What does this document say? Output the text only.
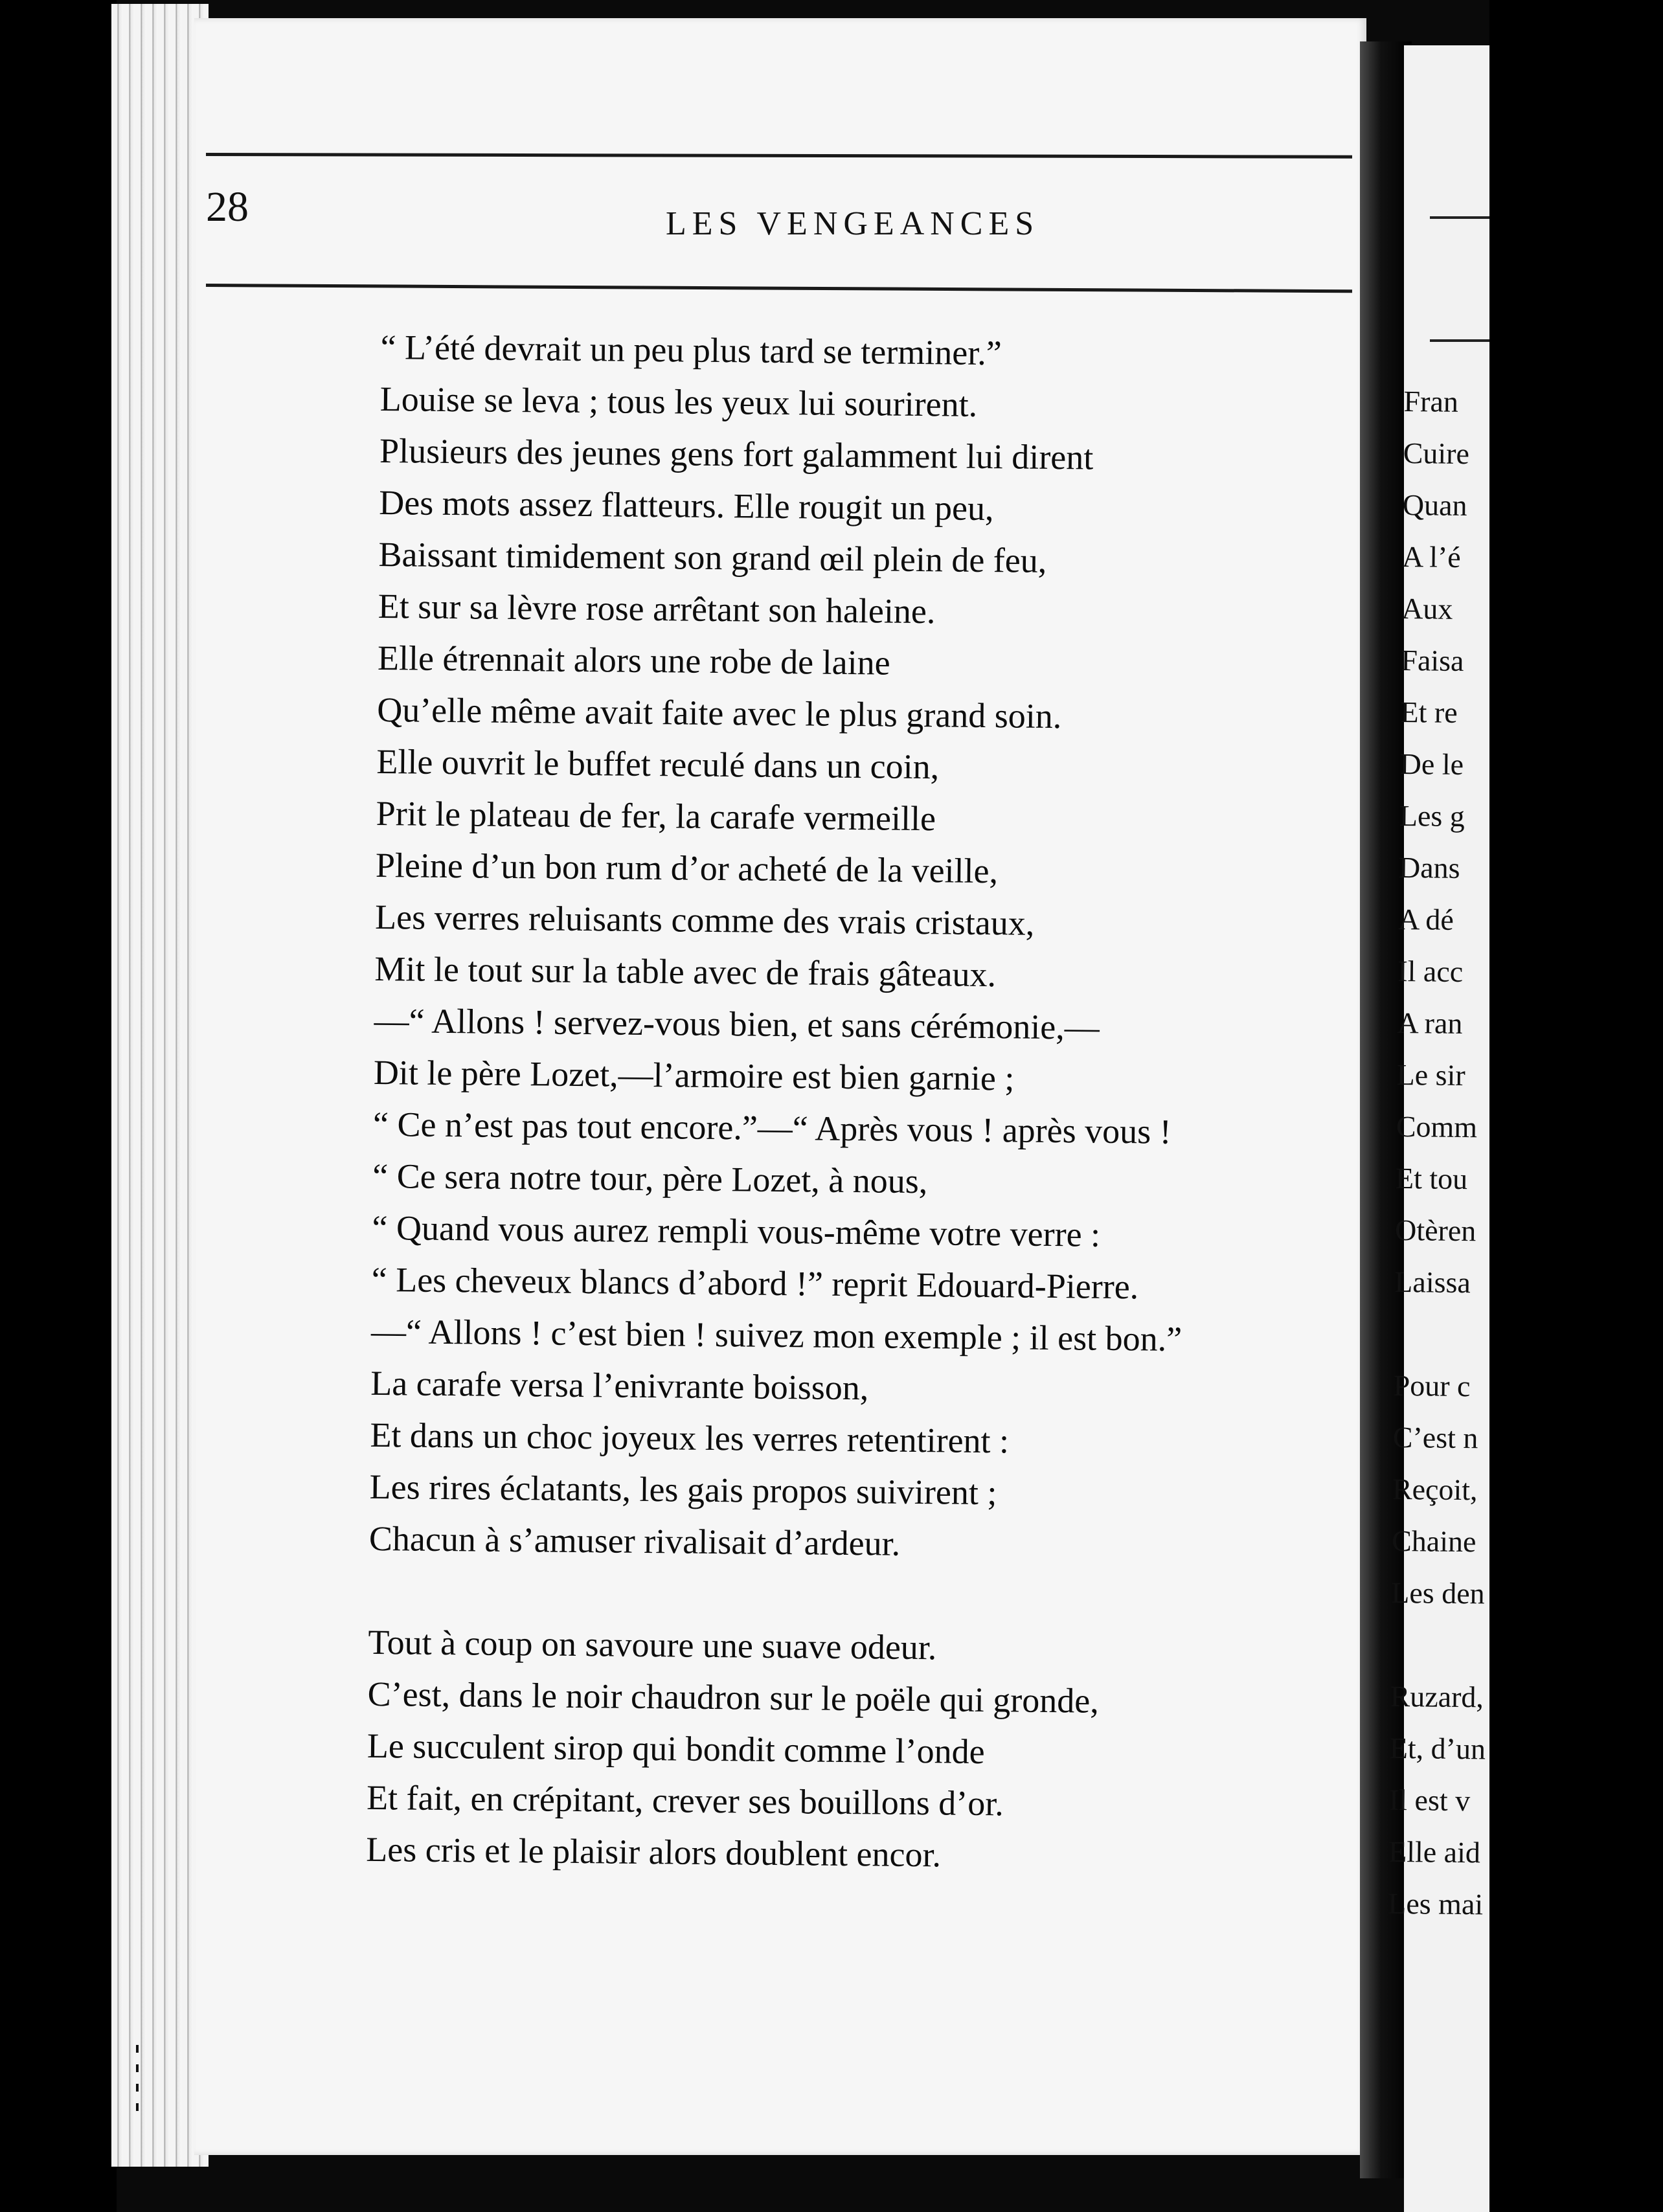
28	LES VENGEANCES
“ L’été devrait un peu plus tard se terminer.”
Louise se leva ; tous les yeux lui sourirent.
Plusieurs des jeunes gens fort galamment lui dirent
Des mots assez flatteurs. Elle rougit un peu,
Baissant timidement son grand œil plein de feu,
Et sur sa lèvre rose arrêtant son haleine.
Elle étrennait alors une robe de laine
Qu’elle même avait faite avec le plus grand soin.
Elle ouvrit le buffet reculé dans un coin,
Prit le plateau de fer, la carafe vermeille
Pleine d’un bon rum d’or acheté de la veille,
Les verres reluisants comme des vrais cristaux,
Mit le tout sur la table avec de frais gâteaux.
—“ Allons ! servez-vous bien, et sans cérémonie,—
Dit le père Lozet,—l’armoire est bien garnie ;
“ Ce n’est pas tout encore.”—“ Après vous ! après vous !
“ Ce sera notre tour, père Lozet, à nous,
“ Quand vous aurez rempli vous-même votre verre :
“ Les cheveux blancs d’abord !” reprit Edouard-Pierre.
—“ Allons ! c’est bien ! suivez mon exemple ; il est bon.”
La carafe versa l’enivrante boisson,
Et dans un choc joyeux les verres retentirent :
Les rires éclatants, les gais propos suivirent ;
Chacun à s’amuser rivalisait d’ardeur.
Tout à coup on savoure une suave odeur.
C’est, dans le noir chaudron sur le poële qui gronde,
Le succulent sirop qui bondit comme l’onde
Et fait, en crépitant, crever ses bouillons d’or.
Les cris et le plaisir alors doublent encor.
Fran
Cuire
Quan
A l’é
Aux
Faisa
Et re
De le
Les g
Dans
A dé
Il acc
A ran
Le sir
Comm
Et tou
Otèren
Laissa
Pour c
C’est n
Reçoit,
Chaine
Les den
Ruzard,
Et, d’un
Il est v
Elle aid
Les mai
